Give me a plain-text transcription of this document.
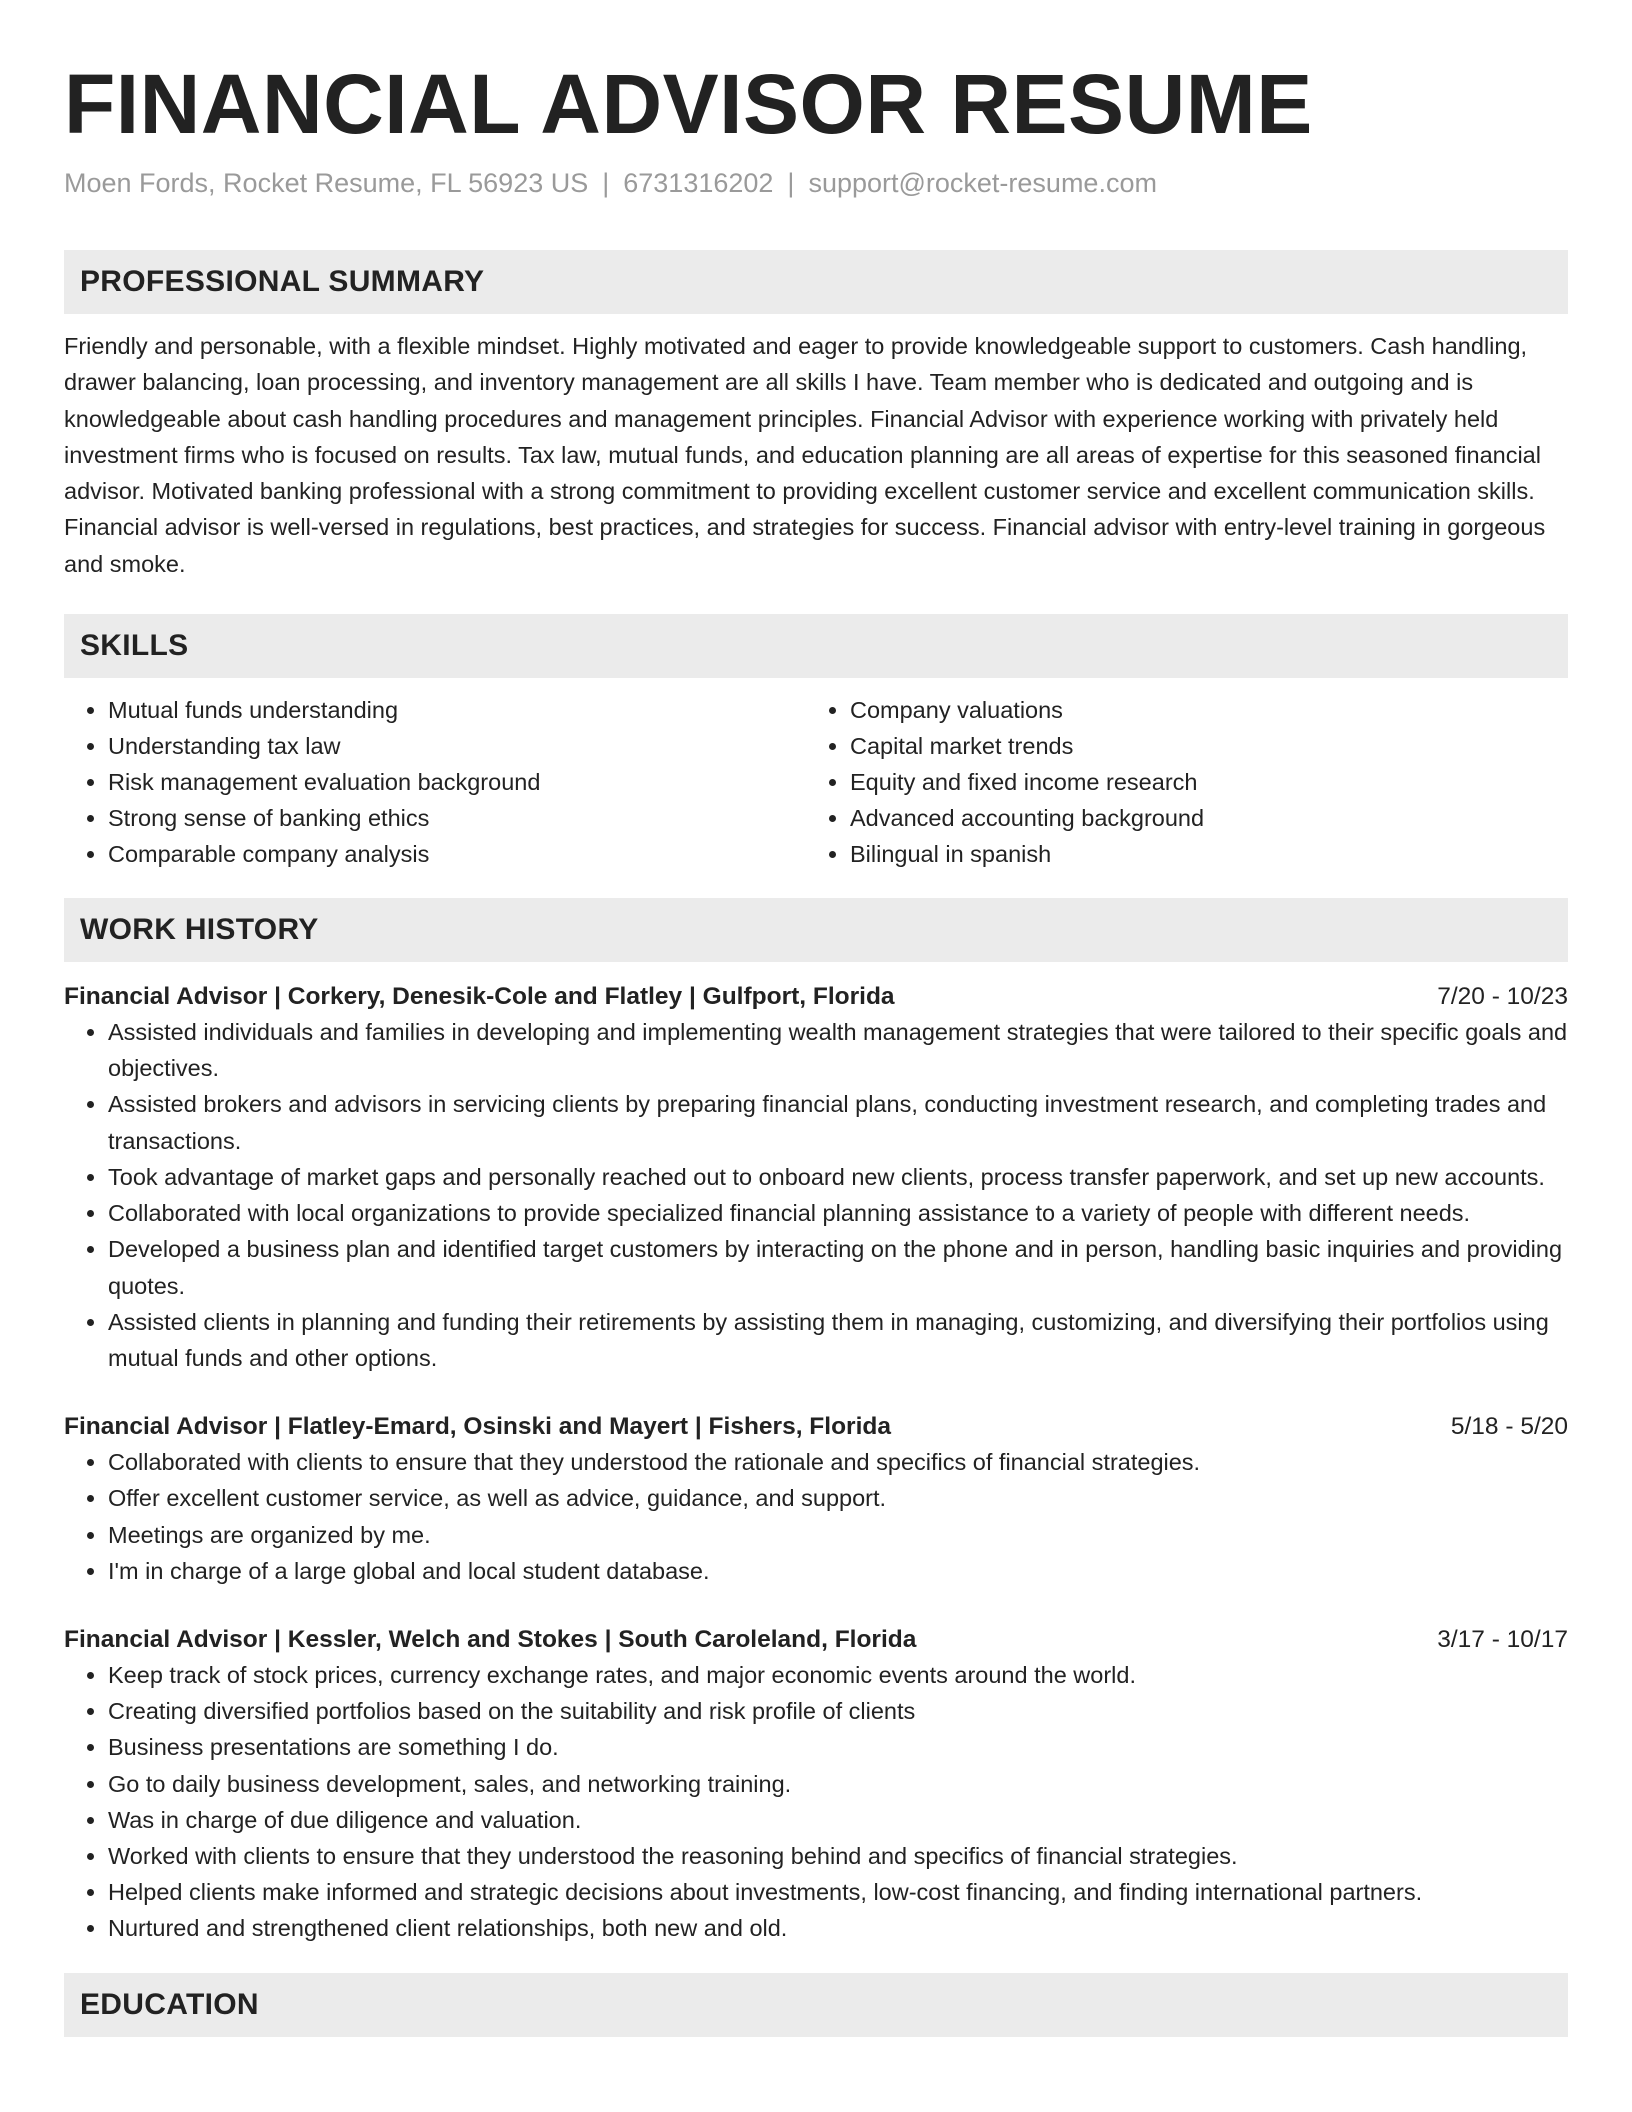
FINANCIAL ADVISOR RESUME
Moen Fords, Rocket Resume, FL 56923 US | 6731316202 | support@rocket-resume.com
PROFESSIONAL SUMMARY

Friendly and personable, with a flexible mindset. Highly motivated and eager to provide knowledgeable support to customers. Cash handling, drawer balancing, loan processing, and inventory management are all skills I have. Team member who is dedicated and outgoing and is knowledgeable about cash handling procedures and management principles. Financial Advisor with experience working with privately held investment firms who is focused on results. Tax law, mutual funds, and education planning are all areas of expertise for this seasoned financial advisor. Motivated banking professional with a strong commitment to providing excellent customer service and excellent communication skills. Financial advisor is well-versed in regulations, best practices, and strategies for success. Financial advisor with entry-level training in gorgeous and smoke.

SKILLS
• Mutual funds understanding
• Understanding tax law
• Risk management evaluation background
• Strong sense of banking ethics
• Comparable company analysis
• Company valuations
• Capital market trends
• Equity and fixed income research
• Advanced accounting background
• Bilingual in spanish
WORK HISTORY
Financial Advisor | Corkery, Denesik-Cole and Flatley | Gulfport, Florida	7/20 - 10/23
• Assisted individuals and families in developing and implementing wealth management strategies that were tailored to their specific goals and objectives.
• Assisted brokers and advisors in servicing clients by preparing financial plans, conducting investment research, and completing trades and transactions.
• Took advantage of market gaps and personally reached out to onboard new clients, process transfer paperwork, and set up new accounts.
• Collaborated with local organizations to provide specialized financial planning assistance to a variety of people with different needs.
• Developed a business plan and identified target customers by interacting on the phone and in person, handling basic inquiries and providing quotes.
• Assisted clients in planning and funding their retirements by assisting them in managing, customizing, and diversifying their portfolios using mutual funds and other options.
Financial Advisor | Flatley-Emard, Osinski and Mayert | Fishers, Florida	5/18 - 5/20
• Collaborated with clients to ensure that they understood the rationale and specifics of financial strategies.
• Offer excellent customer service, as well as advice, guidance, and support.
• Meetings are organized by me.
• I'm in charge of a large global and local student database.
Financial Advisor | Kessler, Welch and Stokes | South Caroleland, Florida	3/17 - 10/17
• Keep track of stock prices, currency exchange rates, and major economic events around the world.
• Creating diversified portfolios based on the suitability and risk profile of clients
• Business presentations are something I do.
• Go to daily business development, sales, and networking training.
• Was in charge of due diligence and valuation.
• Worked with clients to ensure that they understood the reasoning behind and specifics of financial strategies.
• Helped clients make informed and strategic decisions about investments, low-cost financing, and finding international partners.
• Nurtured and strengthened client relationships, both new and old.
EDUCATION
